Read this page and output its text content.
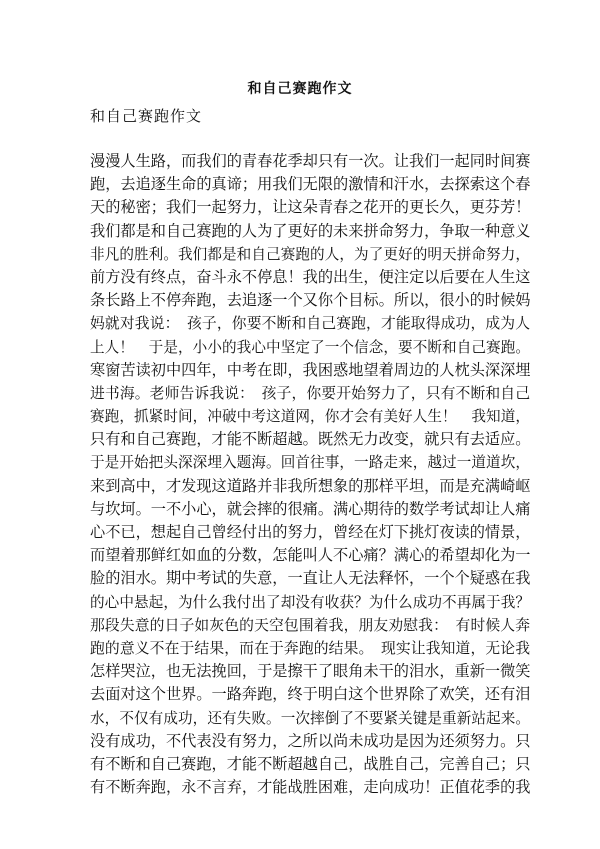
和自己赛跑作文
和自己赛跑作文
漫漫人生路，而我们的青春花季却只有一次。让我们一起同时间赛
跑，去追逐生命的真谛；用我们无限的激情和汗水，去探索这个春
天的秘密；我们一起努力，让这朵青春之花开的更长久，更芬芳！
我们都是和自己赛跑的人为了更好的未来拼命努力，争取一种意义
非凡的胜利。我们都是和自己赛跑的人，为了更好的明天拼命努力，
前方没有终点，奋斗永不停息！我的出生，便注定以后要在人生这
条长路上不停奔跑，去追逐一个又你个目标。所以，很小的时候妈
妈就对我说：　孩子，你要不断和自己赛跑，才能取得成功，成为人
上人！　于是，小小的我心中坚定了一个信念，要不断和自己赛跑。
寒窗苦读初中四年，中考在即，我困惑地望着周边的人枕头深深埋
进书海。老师告诉我说：　孩子，你要开始努力了，只有不断和自己
赛跑，抓紧时间，冲破中考这道网，你才会有美好人生！　我知道，
只有和自己赛跑，才能不断超越。既然无力改变，就只有去适应。
于是开始把头深深埋入题海。回首往事，一路走来，越过一道道坎，
来到高中，才发现这道路并非我所想象的那样平坦，而是充满崎岖
与坎坷。一不小心，就会摔的很痛。满心期待的数学考试却让人痛
心不已，想起自己曾经付出的努力，曾经在灯下挑灯夜读的情景，
而望着那鲜红如血的分数，怎能叫人不心痛？满心的希望却化为一
脸的泪水。期中考试的失意，一直让人无法释怀，一个个疑惑在我
的心中悬起，为什么我付出了却没有收获？为什么成功不再属于我？
那段失意的日子如灰色的天空包围着我，朋友劝慰我：　有时候人奔
跑的意义不在于结果，而在于奔跑的结果。　现实让我知道，无论我
怎样哭泣，也无法挽回，于是擦干了眼角未干的泪水，重新一微笑
去面对这个世界。一路奔跑，终于明白这个世界除了欢笑，还有泪
水，不仅有成功，还有失败。一次摔倒了不要紧关键是重新站起来。
没有成功，不代表没有努力，之所以尚未成功是因为还须努力。只
有不断和自己赛跑，才能不断超越自己，战胜自己，完善自己；只
有不断奔跑，永不言弃，才能战胜困难，走向成功！正值花季的我
